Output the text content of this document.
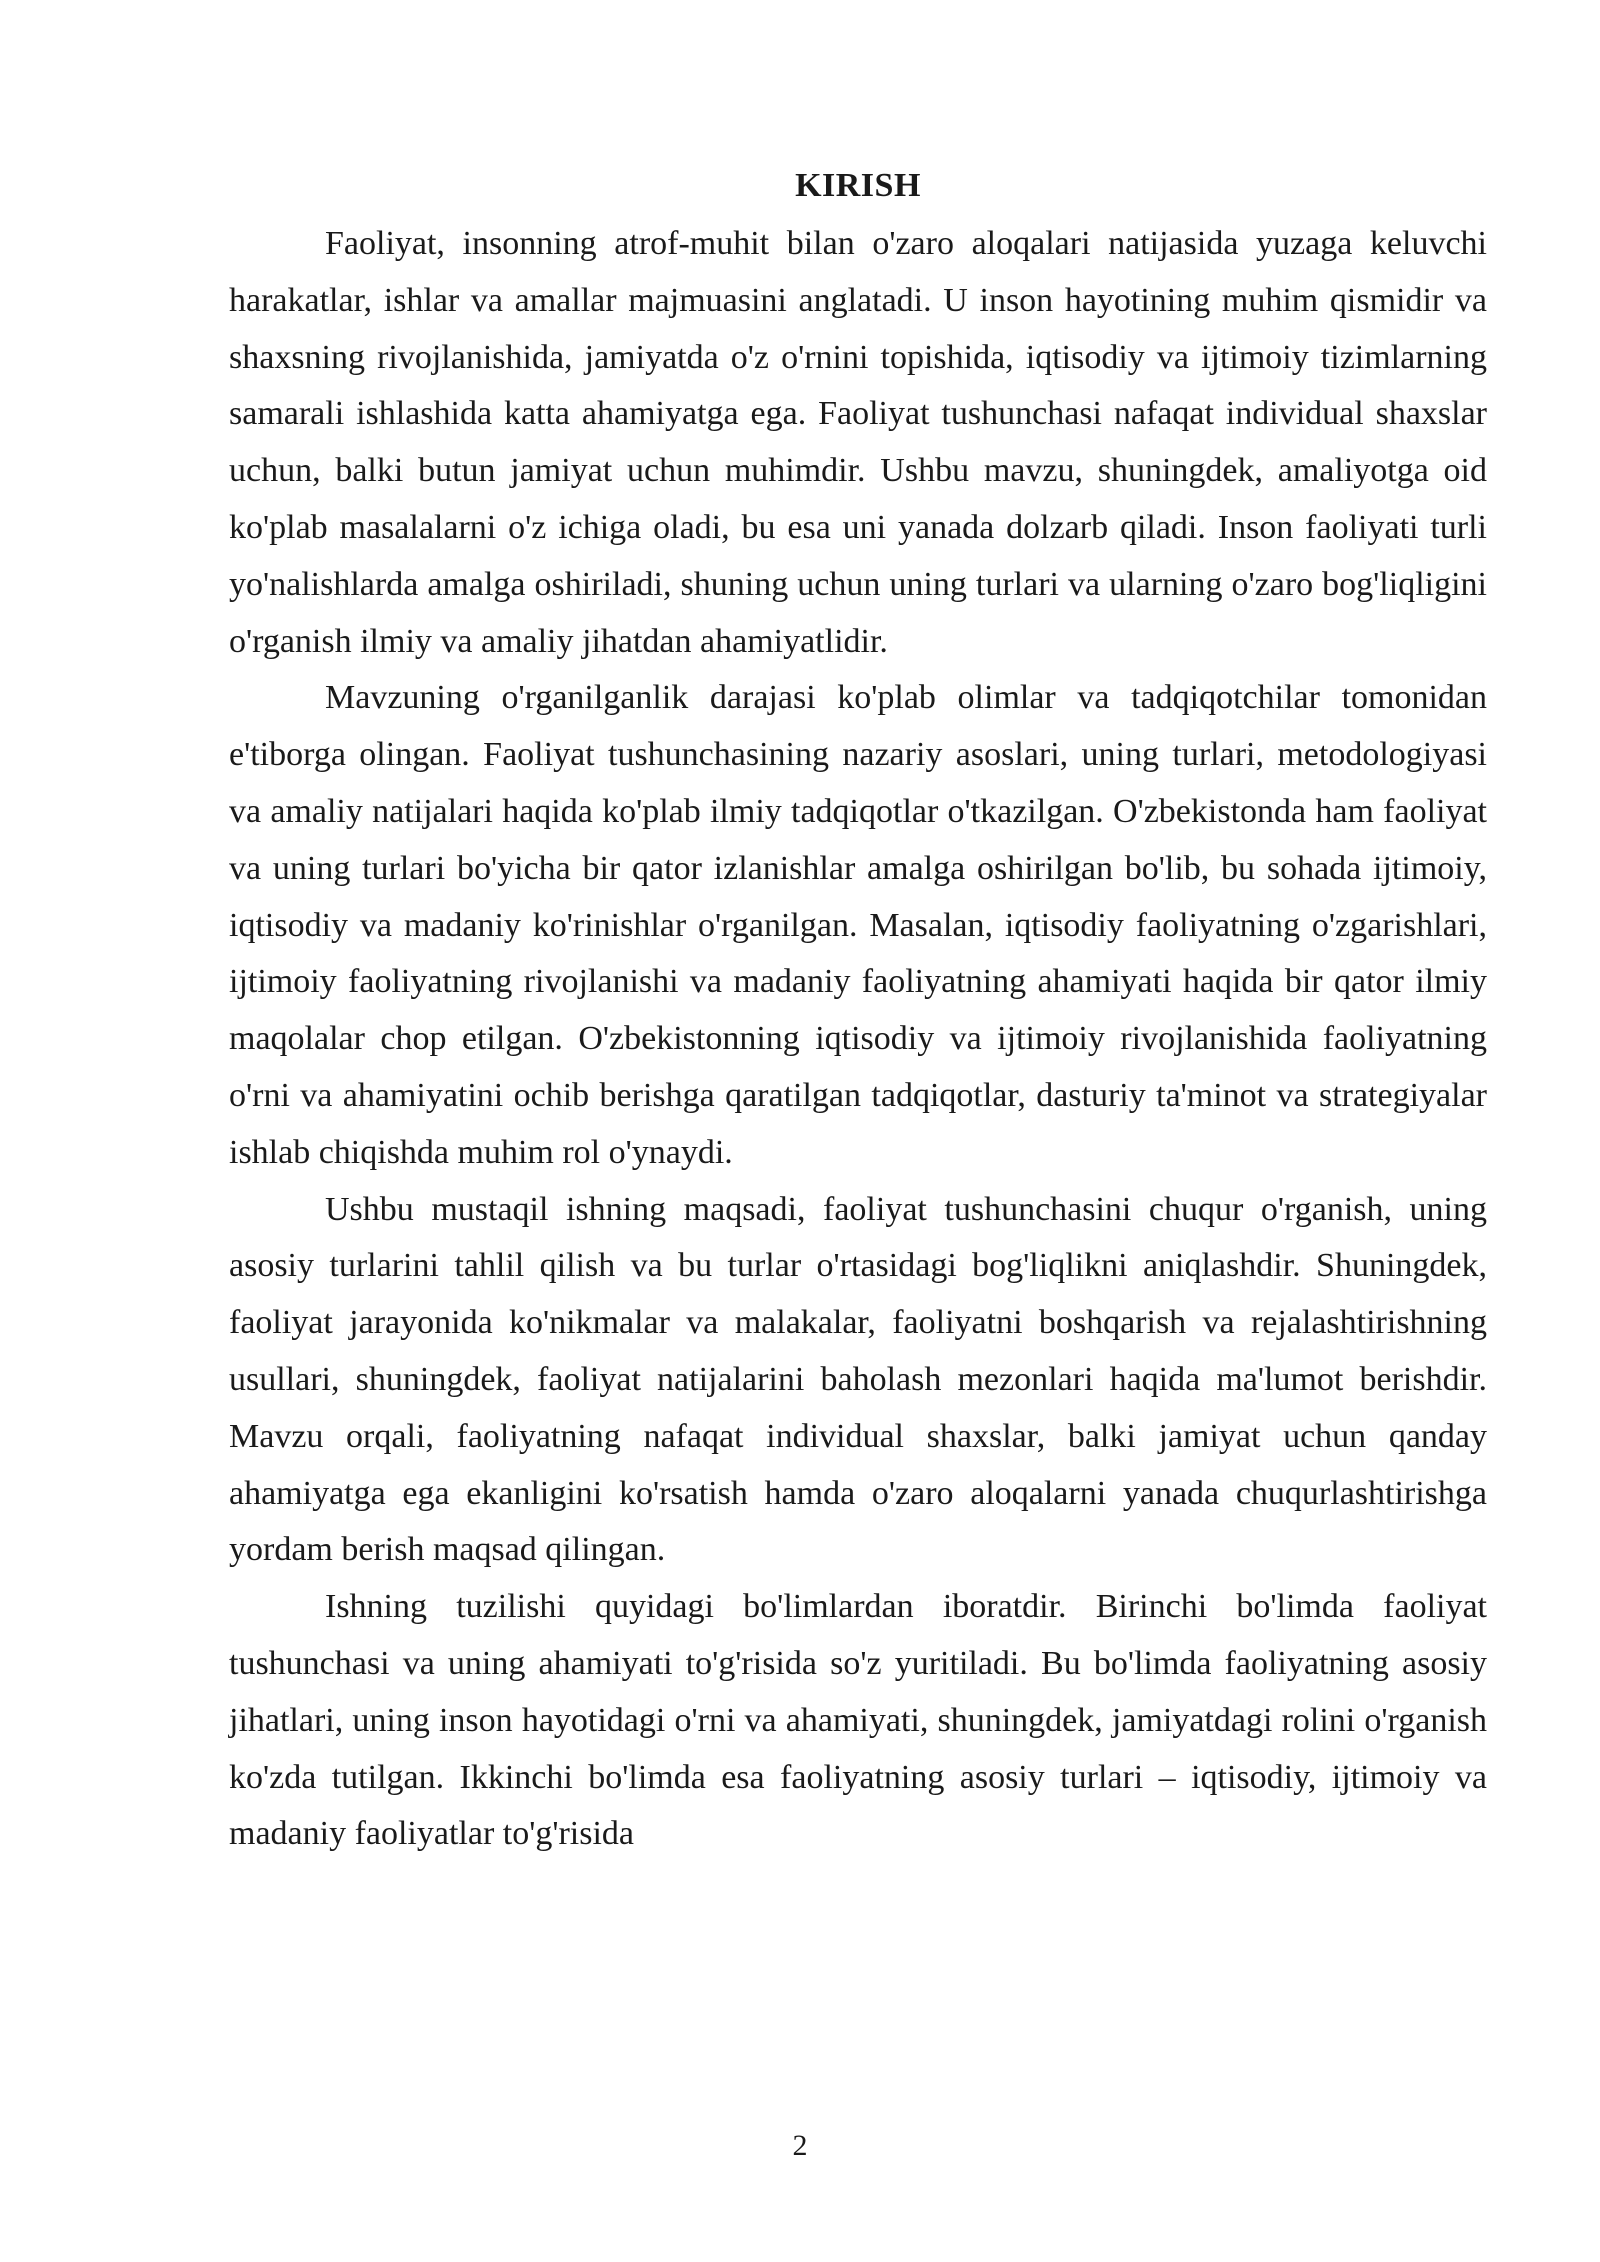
KIRISH

Faoliyat, insonning atrof-muhit bilan o'zaro aloqalari natijasida yuzaga keluvchi harakatlar, ishlar va amallar majmuasini anglatadi. U inson hayotining muhim qismidir va shaxsning rivojlanishida, jamiyatda o'z o'rnini topishida, iqtisodiy va ijtimoiy tizimlarning samarali ishlashida katta ahamiyatga ega. Faoliyat tushunchasi nafaqat individual shaxslar uchun, balki butun jamiyat uchun muhimdir. Ushbu mavzu, shuningdek, amaliyotga oid ko'plab masalalarni o'z ichiga oladi, bu esa uni yanada dolzarb qiladi. Inson faoliyati turli yo'nalishlarda amalga oshiriladi, shuning uchun uning turlari va ularning o'zaro bog'liqligini o'rganish ilmiy va amaliy jihatdan ahamiyatlidir.

Mavzuning o'rganilganlik darajasi ko'plab olimlar va tadqiqotchilar tomonidan e'tiborga olingan. Faoliyat tushunchasining nazariy asoslari, uning turlari, metodologiyasi va amaliy natijalari haqida ko'plab ilmiy tadqiqotlar o'tkazilgan. O'zbekistonda ham faoliyat va uning turlari bo'yicha bir qator izlanishlar amalga oshirilgan bo'lib, bu sohada ijtimoiy, iqtisodiy va madaniy ko'rinishlar o'rganilgan. Masalan, iqtisodiy faoliyatning o'zgarishlari, ijtimoiy faoliyatning rivojlanishi va madaniy faoliyatning ahamiyati haqida bir qator ilmiy maqolalar chop etilgan. O'zbekistonning iqtisodiy va ijtimoiy rivojlanishida faoliyatning o'rni va ahamiyatini ochib berishga qaratilgan tadqiqotlar, dasturiy ta'minot va strategiyalar ishlab chiqishda muhim rol o'ynaydi.

Ushbu mustaqil ishning maqsadi, faoliyat tushunchasini chuqur o'rganish, uning asosiy turlarini tahlil qilish va bu turlar o'rtasidagi bog'liqlikni aniqlashdir. Shuningdek, faoliyat jarayonida ko'nikmalar va malakalar, faoliyatni boshqarish va rejalashtirishning usullari, shuningdek, faoliyat natijalarini baholash mezonlari haqida ma'lumot berishdir. Mavzu orqali, faoliyatning nafaqat individual shaxslar, balki jamiyat uchun qanday ahamiyatga ega ekanligini ko'rsatish hamda o'zaro aloqalarni yanada chuqurlashtirishga yordam berish maqsad qilingan.

Ishning tuzilishi quyidagi bo'limlardan iboratdir. Birinchi bo'limda faoliyat tushunchasi va uning ahamiyati to'g'risida so'z yuritiladi. Bu bo'limda faoliyatning asosiy jihatlari, uning inson hayotidagi o'rni va ahamiyati, shuningdek, jamiyatdagi rolini o'rganish ko'zda tutilgan. Ikkinchi bo'limda esa faoliyatning asosiy turlari – iqtisodiy, ijtimoiy va madaniy faoliyatlar to'g'risida

2
